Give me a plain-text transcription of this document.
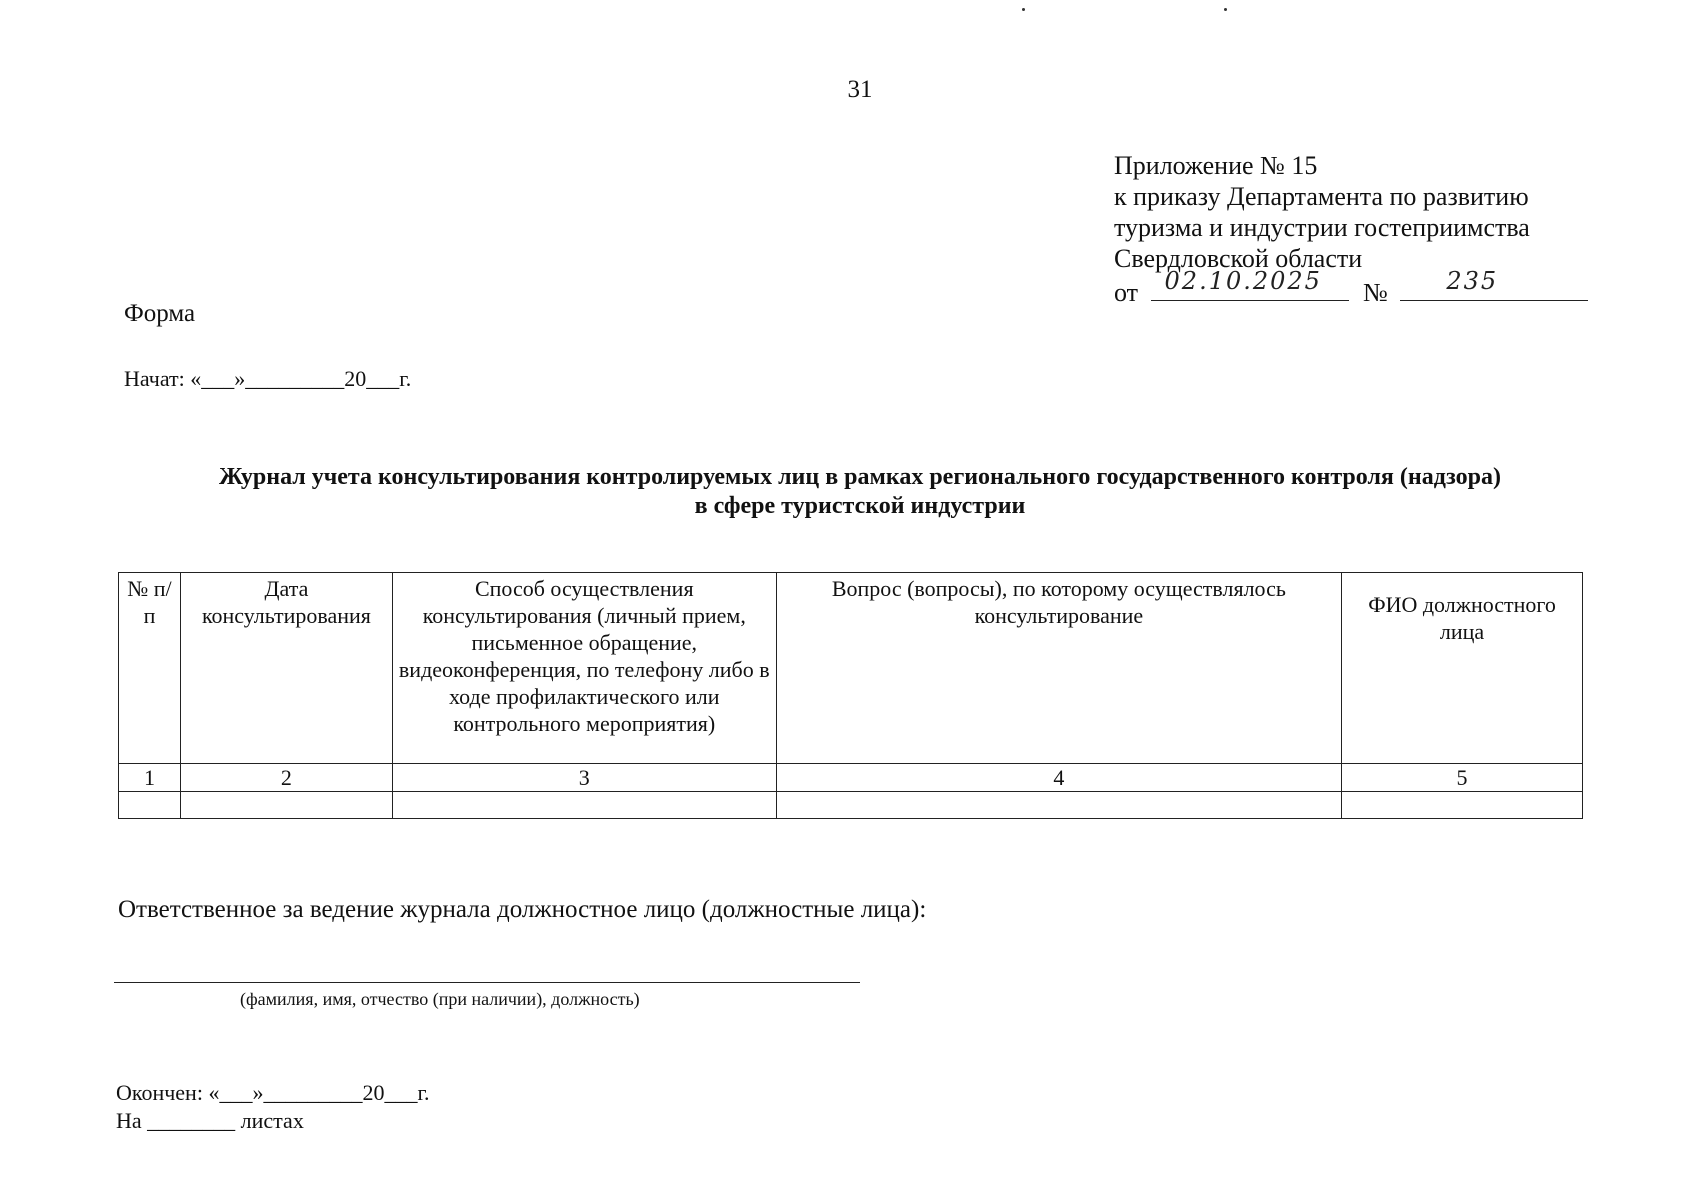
31
Приложение № 15
к приказу Департамента по развитию
туризма и индустрии гостеприимства
Свердловской области
от 02.10.2025 № 235
Форма
Начат: «___»_________20___г.
Журнал учета консультирования контролируемых лиц в рамках регионального государственного контроля (надзора)
в сфере туристской индустрии
№ п/п	Дата консультирования	Способ осуществления консультирования (личный прием, письменное обращение, видеоконференция, по телефону либо в ходе профилактического или контрольного мероприятия)	Вопрос (вопросы), по которому осуществлялось консультирование	ФИО должностного лица
1	2	3	4	5

Ответственное за ведение журнала должностное лицо (должностные лица):
(фамилия, имя, отчество (при наличии), должность)
Окончен: «___»_________20___г.
На ________ листах
